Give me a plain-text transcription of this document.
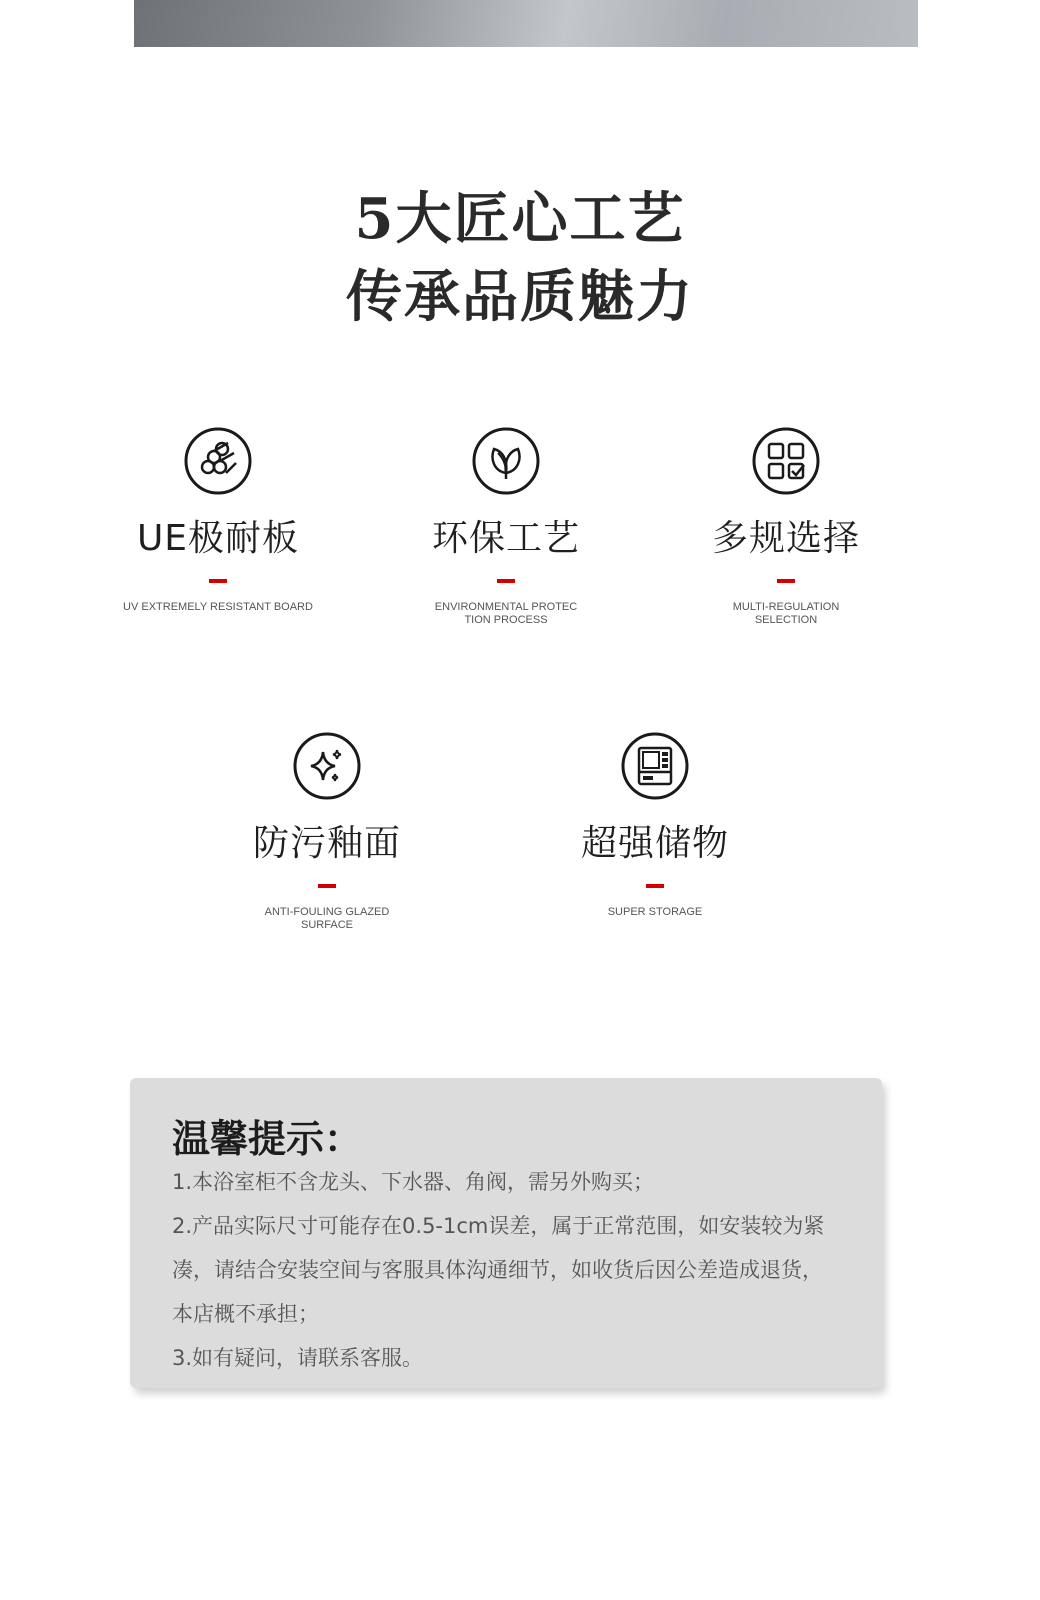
5大匠心工艺
传承品质魅力
UE极耐板
UV EXTREMELY RESISTANT BOARD
环保工艺
ENVIRONMENTAL PROTEC TION PROCESS
多规选择
MULTI-REGULATION SELECTION
防污釉面
ANTI-FOULING GLAZED SURFACE
超强储物
SUPER STORAGE
温馨提示：

1.本浴室柜不含龙头、下水器、角阀，需另外购买；

2.产品实际尺寸可能存在0.5-1cm误差，属于正常范围，如安装较为紧凑，请结合安装空间与客服具体沟通细节，如收货后因公差造成退货，本店概不承担；

3.如有疑问，请联系客服。
